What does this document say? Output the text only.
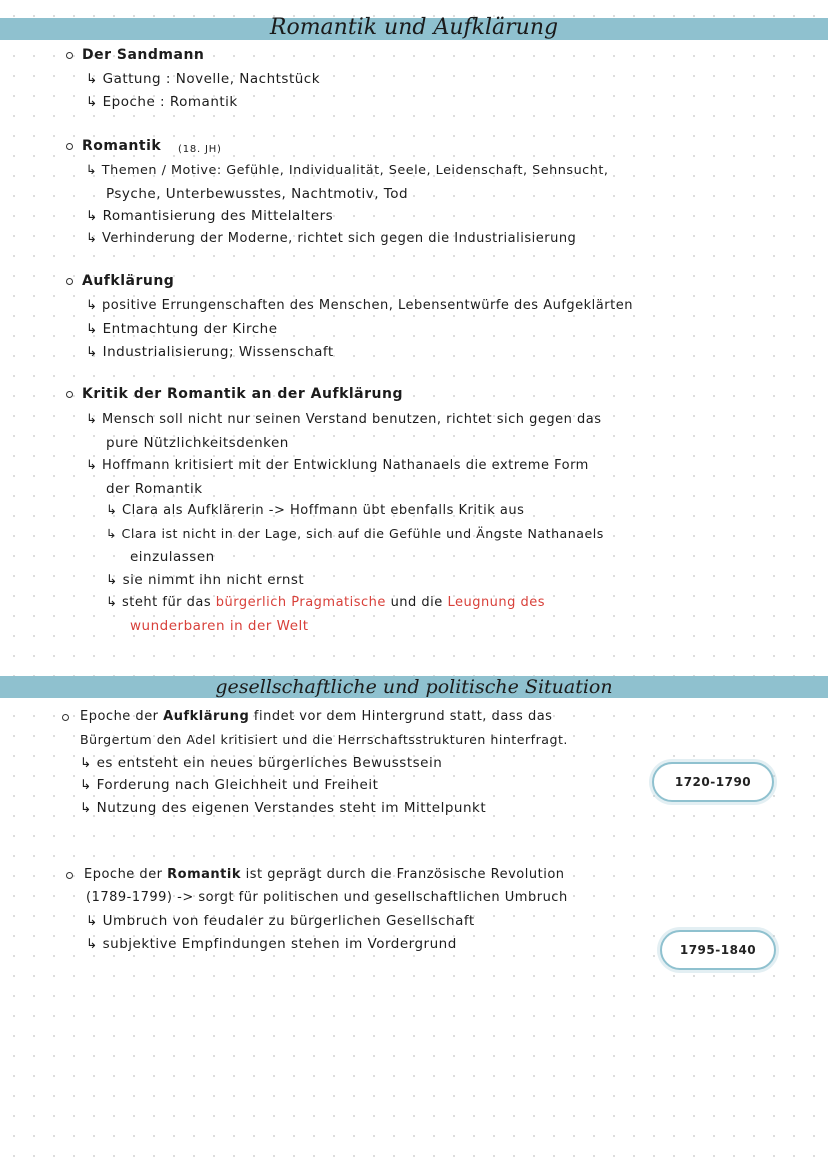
Romantik und Aufklärung
Der Sandmann
↳ Gattung : Novelle, Nachtstück
↳ Epoche : Romantik
Romantik (18. JH)
↳ Themen / Motive: Gefühle, Individualität, Seele, Leidenschaft, Sehnsucht,
Psyche, Unterbewusstes, Nachtmotiv, Tod
↳ Romantisierung des Mittelalters
↳ Verhinderung der Moderne, richtet sich gegen die Industrialisierung
Aufklärung
↳ positive Errungenschaften des Menschen, Lebensentwürfe des Aufgeklärten
↳ Entmachtung der Kirche
↳ Industrialisierung; Wissenschaft
Kritik der Romantik an der Aufklärung
↳ Mensch soll nicht nur seinen Verstand benutzen, richtet sich gegen das
pure Nützlichkeitsdenken
↳ Hoffmann kritisiert mit der Entwicklung Nathanaels die extreme Form
der Romantik
↳ Clara als Aufklärerin -> Hoffmann übt ebenfalls Kritik aus
↳ Clara ist nicht in der Lage, sich auf die Gefühle und Ängste Nathanaels
einzulassen
↳ sie nimmt ihn nicht ernst
↳ steht für das bürgerlich Pragmatische und die Leugnung des
wunderbaren in der Welt
gesellschaftliche und politische Situation
Epoche der Aufklärung findet vor dem Hintergrund statt, dass das
Bürgertum den Adel kritisiert und die Herrschaftsstrukturen hinterfragt.
↳ es entsteht ein neues bürgerliches Bewusstsein
↳ Forderung nach Gleichheit und Freiheit
↳ Nutzung des eigenen Verstandes steht im Mittelpunkt
1720-1790
Epoche der Romantik ist geprägt durch die Französische Revolution
(1789-1799) -> sorgt für politischen und gesellschaftlichen Umbruch
↳ Umbruch von feudaler zu bürgerlichen Gesellschaft
↳ subjektive Empfindungen stehen im Vordergrund	1795-1840
